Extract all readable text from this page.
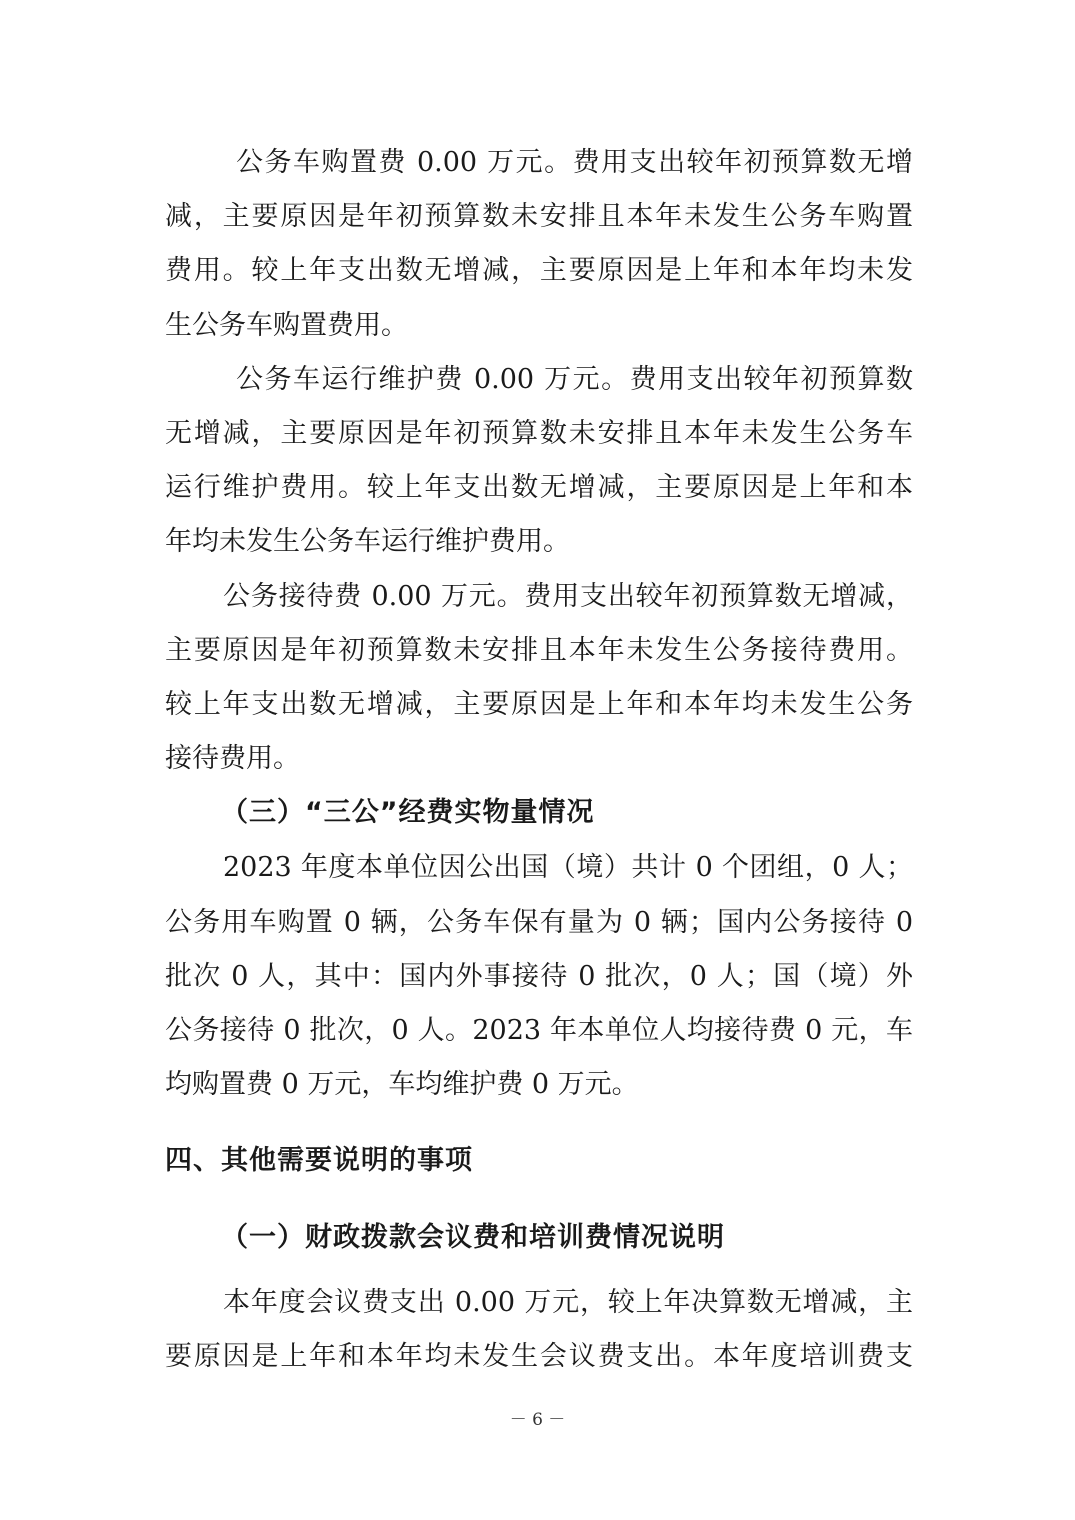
公务车购置费 0.00 万元。费用支出较年初预算数无增
减，主要原因是年初预算数未安排且本年未发生公务车购置
费用。较上年支出数无增减，主要原因是上年和本年均未发
生公务车购置费用。
公务车运行维护费 0.00 万元。费用支出较年初预算数
无增减，主要原因是年初预算数未安排且本年未发生公务车
运行维护费用。较上年支出数无增减，主要原因是上年和本
年均未发生公务车运行维护费用。
公务接待费 0.00 万元。费用支出较年初预算数无增减，
主要原因是年初预算数未安排且本年未发生公务接待费用。
较上年支出数无增减，主要原因是上年和本年均未发生公务
接待费用。
（三）“三公”经费实物量情况
2023 年度本单位因公出国（境）共计 0 个团组，0 人；
公务用车购置 0 辆，公务车保有量为 0 辆；国内公务接待 0
批次 0 人，其中：国内外事接待 0 批次，0 人；国（境）外
公务接待 0 批次，0 人。2023 年本单位人均接待费 0 元，车
均购置费 0 万元，车均维护费 0 万元。
四、其他需要说明的事项
（一）财政拨款会议费和培训费情况说明
本年度会议费支出 0.00 万元，较上年决算数无增减，主
要原因是上年和本年均未发生会议费支出。本年度培训费支
－ 6 －
